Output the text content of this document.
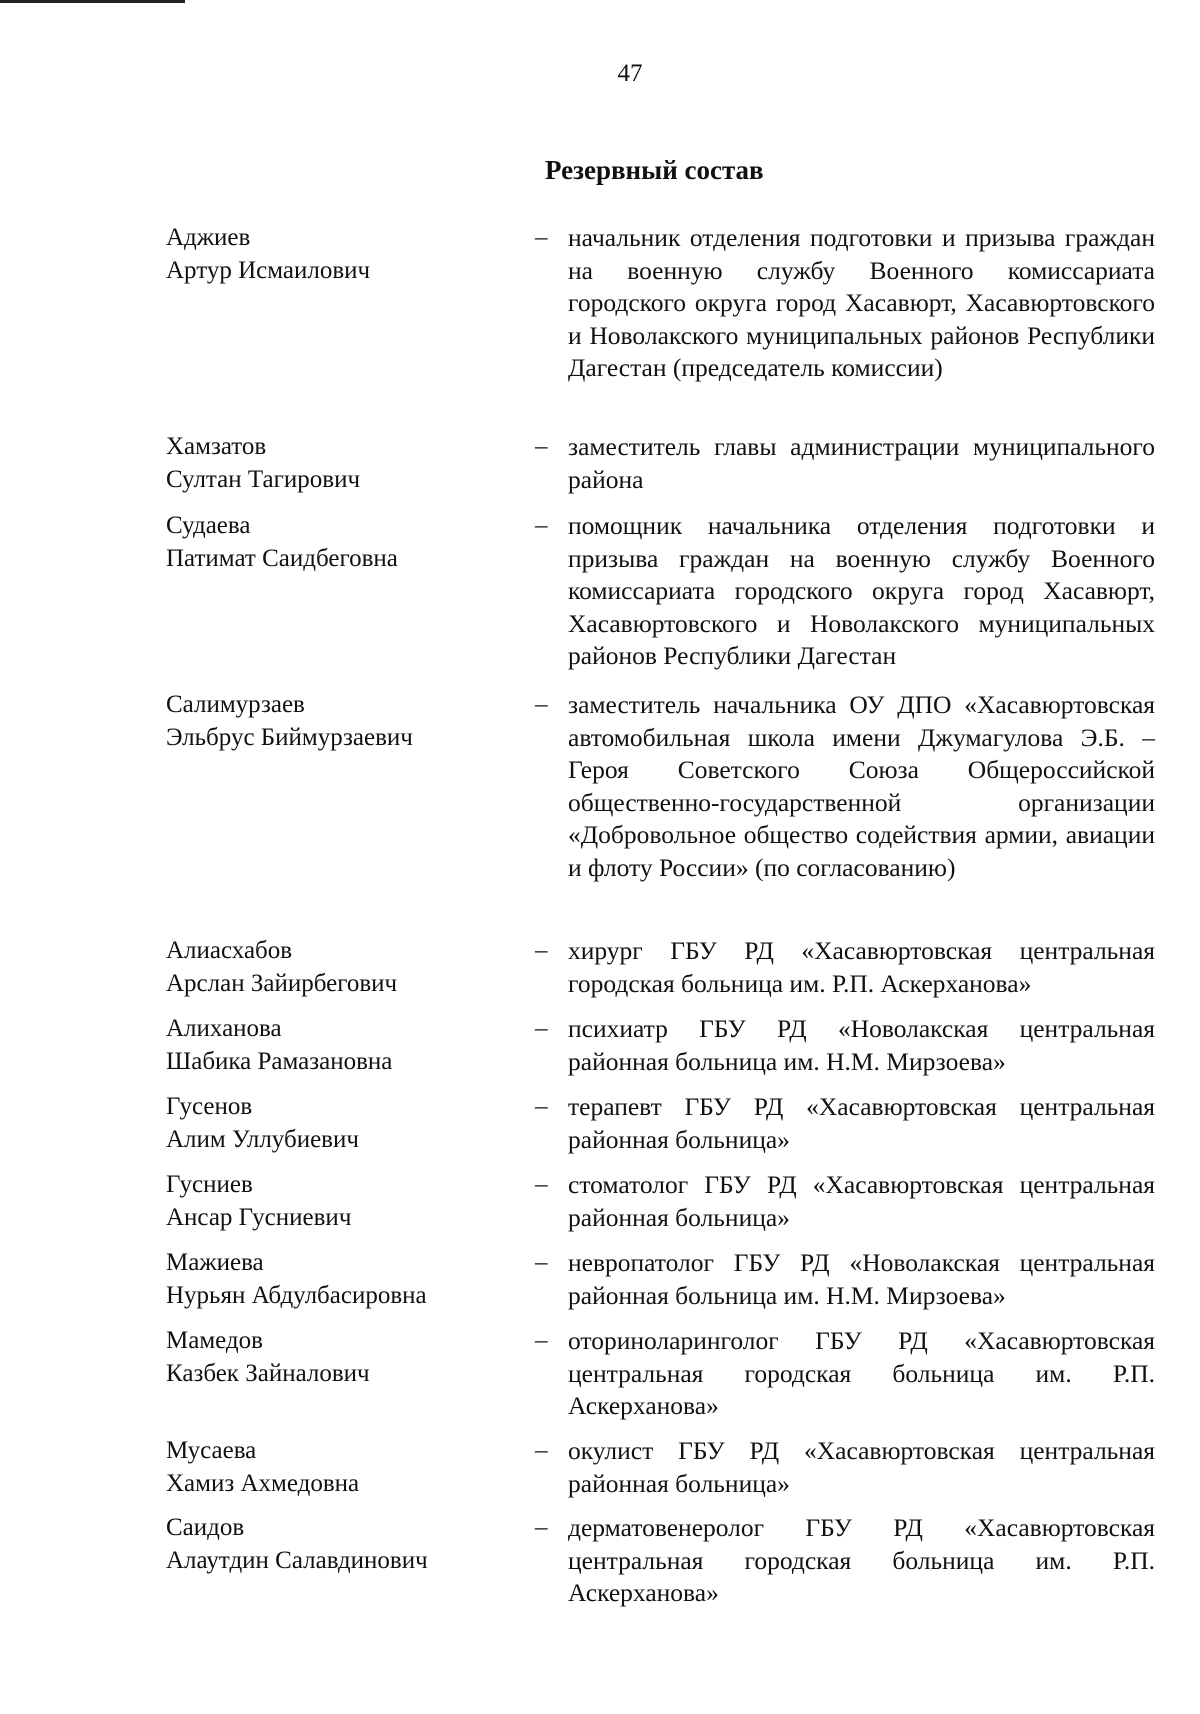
47
Резервный состав
Аджиев
Артур Исмаилович
– начальник отделения подготовки и призыва граждан на военную службу Военного комиссариата городского округа город Хасавюрт, Хасавюртовского и Новолакского муниципальных районов Республики Дагестан (председатель комиссии)
Хамзатов
Султан Тагирович
– заместитель главы администрации муниципального района
Судаева
Патимат Саидбеговна
– помощник начальника отделения подготовки и призыва граждан на военную службу Военного комиссариата городского округа город Хасавюрт, Хасавюртовского и Новолакского муниципальных районов Республики Дагестан
Салимурзаев
Эльбрус Биймурзаевич
– заместитель начальника ОУ ДПО «Хасавюртовская автомобильная школа имени Джумагулова Э.Б. – Героя Советского Союза Общероссийской общественно-государственной организации «Добровольное общество содействия армии, авиации и флоту России» (по согласованию)
Алиасхабов
Арслан Зайирбегович
– хирург ГБУ РД «Хасавюртовская центральная городская больница им. Р.П. Аскерханова»
Алиханова
Шабика Рамазановна
– психиатр ГБУ РД «Новолакская центральная районная больница им. Н.М. Мирзоева»
Гусенов
Алим Уллубиевич
– терапевт ГБУ РД «Хасавюртовская центральная районная больница»
Гусниев
Ансар Гусниевич
– стоматолог ГБУ РД «Хасавюртовская центральная районная больница»
Мажиева
Нурьян Абдулбасировна
– невропатолог ГБУ РД «Новолакская центральная районная больница им. Н.М. Мирзоева»
Мамедов
Казбек Зайналович
– оториноларинголог ГБУ РД «Хасавюртовская центральная городская больница им. Р.П. Аскерханова»
Мусаева
Хамиз Ахмедовна
– окулист ГБУ РД «Хасавюртовская центральная районная больница»
Саидов
Алаутдин Салавдинович
– дерматовенеролог ГБУ РД «Хасавюртовская центральная городская больница им. Р.П. Аскерханова»
